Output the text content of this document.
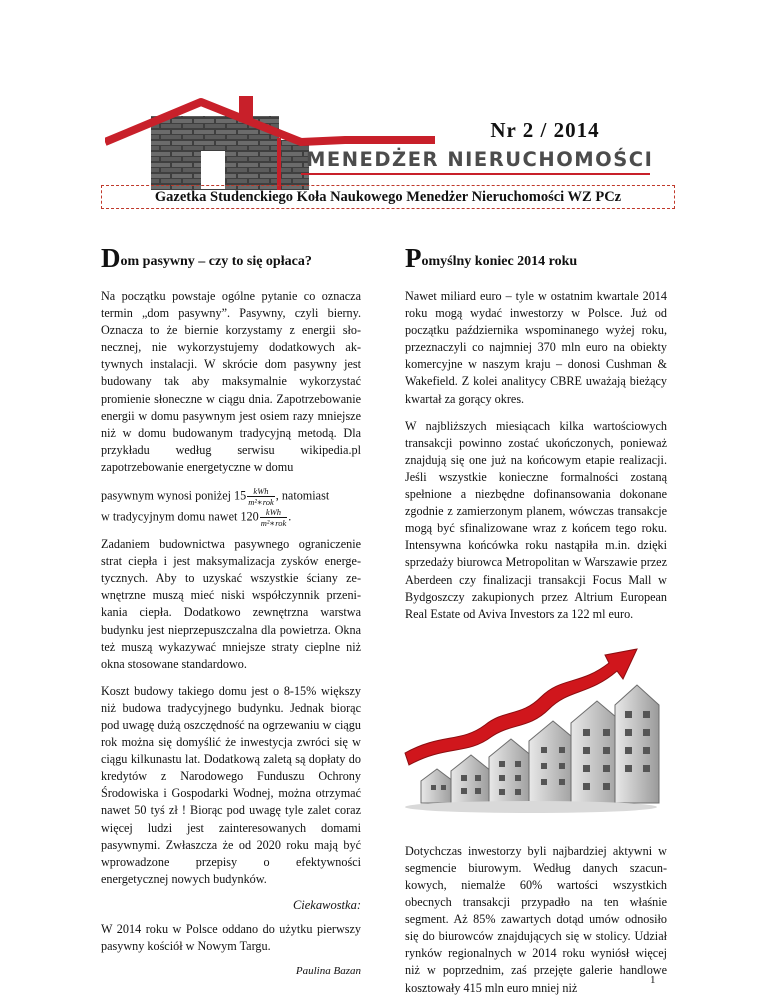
Nr 2 / 2014
MENEDŻER NIERUCHOMOŚCI
Gazetka Studenckiego Koła Naukowego Menedżer Nieruchomości WZ PCz
Dom pasywny – czy to się opłaca?

Na początku powstaje ogólne pytanie co oznacza termin „dom pasywny”. Pasywny, czyli bierny. Oznacza to że biernie korzystamy z energii słonecznej, nie wykorzystujemy dodatkowych aktywnych instalacji. W skrócie dom pasywny jest budowany tak aby maksymalnie wykorzystać promienie słoneczne w ciągu dnia. Zapotrzebowanie energii w domu pasywnym jest osiem razy mniejsze niż w domu budowanym tradycyjną metodą. Dla przykładu według serwisu wikipedia.pl zapotrzebowanie energetyczne w domu

pasywnym wynosi poniżej $15 \frac{\text{kWh}}{\text{m²∗rok}}$ , natomiast
w tradycyjnym domu nawet $120 \frac{\text{kWh}}{\text{m²∗rok}}$ .

Zadaniem budownictwa pasywnego ograniczenie strat ciepła i jest maksymalizacja zysków energetycznych. Aby to uzyskać wszystkie ściany zewnętrzne muszą mieć niski współczynnik przenikania ciepła. Dodatkowo zewnętrzna warstwa budynku jest nieprzepuszczalna dla powietrza. Okna też muszą wykazywać mniejsze straty cieplne niż okna stosowane standardowo.

Koszt budowy takiego domu jest o 8-15% większy niż budowa tradycyjnego budynku. Jednak biorąc pod uwagę dużą oszczędność na ogrzewaniu w ciągu rok można się domyślić że inwestycja zwróci się w ciągu kilkunastu lat. Dodatkową zaletą są dopłaty do kredytów z Narodowego Funduszu Ochrony Środowiska i Gospodarki Wodnej, można otrzymać nawet 50 tyś zł ! Biorąc pod uwagę tyle zalet coraz więcej ludzi jest zainteresowanych domami pasywnymi. Zwłaszcza że od 2020 roku mają być wprowadzone przepisy o efektywności energetycznej nowych budynków.

Ciekawostka:

W 2014 roku w Polsce oddano do użytku pierwszy pasywny kościół w Nowym Targu.

Paulina Bazan
Pomyślny koniec 2014 roku

Nawet miliard euro – tyle w ostatnim kwartale 2014 roku mogą wydać inwestorzy w Polsce. Już od początku października wspominanego wyżej roku, przeznaczyli co najmniej 370 mln euro na obiekty komercyjne w naszym kraju – donosi Cushman & Wakefield. Z kolei analitycy CBRE uważają bieżący kwartał za gorący okres.

W najbliższych miesiącach kilka wartościowych transakcji powinno zostać ukończonych, ponieważ znajdują się one już na końcowym etapie realizacji. Jeśli wszystkie konieczne formalności zostaną spełnione a niezbędne dofinansowania dokonane zgodnie z zamierzonym planem, wówczas transakcje mogą być sfinalizowane wraz z końcem tego roku. Intensywna końcówka roku nastąpiła m.in. dzięki sprzedaży biurowca Metropolitan w Warszawie przez Aberdeen czy finalizacji transakcji Focus Mall w Bydgoszczy zakupionych przez Altrium European Real Estate od Aviva Investors za 122 ml euro.

Dotychczas inwestorzy byli najbardziej aktywni w segmencie biurowym. Według danych szacunkowych, niemalże 60% wartości wszystkich obecnych transakcji przypadło na ten właśnie segment. Aż 85% zawartych dotąd umów odnosiło się do biurowców znajdujących się w stolicy. Udział rynków regionalnych w 2014 roku wyniósł więcej niż w poprzednim, zaś przejęte galerie handlowe kosztowały 415 mln euro mniej niż

1
